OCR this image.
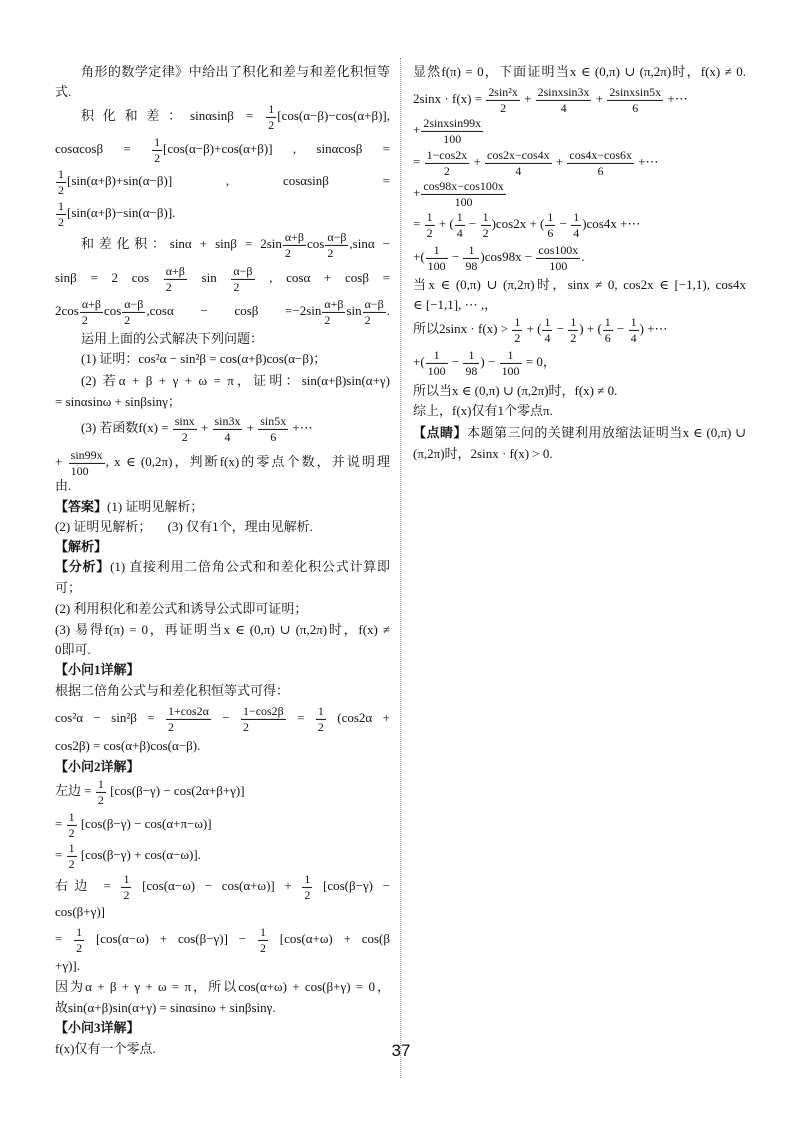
角形的数学定律》中给出了积化和差与和差化积恒等
式.
积化和差：$\sin\alpha\sin\beta = \frac{1}{2} [\cos(\alpha-\beta)-\cos(\alpha+\beta)]$,
$\cos\alpha\cos\beta = \frac{1}{2} [\cos(\alpha-\beta)+\cos(\alpha+\beta)]$ , sinαcosβ =
$\frac{1}{2} [\sin(\alpha+\beta)+\sin(\alpha-\beta)]$ , cosαsinβ =
$\frac{1}{2} [\sin(\alpha+\beta)-\sin(\alpha-\beta)]$.
和差化积：$\sin\alpha + \sin\beta = 2\sin \frac{\alpha+\beta}{2}$ $\cos \frac{\alpha-\beta}{2} ,\sin\alpha$ −
sinβ = 2 $\cos \frac{\alpha+\beta}{2}$ $\sin \frac{\alpha-\beta}{2}$ , cosα + cosβ =
$2\cos \frac{\alpha+\beta}{2}$ $\cos \frac{\alpha-\beta}{2} ,\cos\alpha - \cos\beta =-2\sin \frac{\alpha+\beta}{2}$ $\sin \frac{\alpha-\beta}{2}$ .
运用上面的公式解决下列问题：
(1) 证明：cos²α − sin²β = cos(α+β)cos(α−β)；
(2) 若α + β + γ + ω = π，证明：sin(α+β)sin(α+γ)
= sinαsinω + sinβsinγ；
(3) 若函数$f(x) = \frac{\sin x}{2} + \frac{\sin 3x}{4} + \frac{\sin 5x}{6}$ +⋯
+ $\frac{\sin 99x}{100}$ , x ∈ (0,2π)，判断f(x)的零点个数，并说明理
由.
【答案】(1) 证明见解析；
(2) 证明见解析；     (3) 仅有1个，理由见解析.
【解析】
【分析】(1) 直接利用二倍角公式和和差化积公式计算即
可；
(2) 利用积化和差公式和诱导公式即可证明；
(3) 易得f(π) = 0，再证明当x ∈ (0,π) ∪ (π,2π)时，f(x) ≠
0即可.
【小问1详解】
根据二倍角公式与和差化积恒等式可得：
$\cos^2\alpha - \sin^2\beta = \frac{1+\cos 2\alpha}{2} - \frac{1-\cos 2\beta}{2} = \frac{1}{2} (\cos 2\alpha$ +
cos2β) = cos(α+β)cos(α−β).
【小问2详解】
左边 = $\frac{1}{2} [\cos(\beta-\gamma) - \cos(2\alpha+\beta+\gamma)]$
= $\frac{1}{2} [\cos(\beta-\gamma) - \cos(\alpha+\pi-\omega)]$
= $\frac{1}{2} [\cos(\beta-\gamma) + \cos(\alpha-\omega)]$.
右边 = $\frac{1}{2} [\cos(\alpha-\omega) - \cos(\alpha+\omega)] + \frac{1}{2} [\cos(\beta-\gamma)$ −
cos(β+γ)]
= $\frac{1}{2} [\cos(\alpha-\omega) + \cos(\beta-\gamma)] - \frac{1}{2} [\cos(\alpha+\omega) + \cos(\beta$
+γ)].
因为α + β + γ + ω = π，所以cos(α+ω) + cos(β+γ) = 0，
故sin(α+β)sin(α+γ) = sinαsinω + sinβsinγ.
【小问3详解】
f(x)仅有一个零点.
显然f(π) = 0，下面证明当x ∈ (0,π) ∪ (π,2π)时，f(x) ≠ 0.
$2\sin x \cdot f(x) = \frac{\text{2sin²x}}{2} + \frac{\text{2sinxsin3x}}{4} + \frac{\text{2sinxsin5x}}{6}$ +⋯
+ $\frac{\text{2sinxsin99x}}{100}$
= $\frac{1-\cos 2x}{2} + \frac{\cos 2x-\cos 4x}{4} + \frac{\cos 4x-\cos 6x}{6}$ +⋯
+ $\frac{\cos 98x-\cos 100x}{100}$
= $\frac{1}{2}$ + ( $\frac{1}{4} - \frac{1}{2} )\cos 2x$ + ( $\frac{1}{6} - \frac{1}{4} )\cos 4x$ +⋯
+( $\frac{1}{100} - \frac{1}{98} )\cos 98x - \frac{\cos 100x}{100}$ .
当x ∈ (0,π) ∪ (π,2π)时，sinx ≠ 0, cos2x ∈ [−1,1), cos4x
∈ [−1,1], ⋯ ,，
所以$2\sin x \cdot f(x) > \frac{1}{2}$ + ( $\frac{1}{4} - \frac{1}{2}$ ) + ( $\frac{1}{6} - \frac{1}{4}$ ) +⋯
+( $\frac{1}{100} - \frac{1}{98}$ ) − $\frac{1}{100} = 0$，
所以当x ∈ (0,π) ∪ (π,2π)时，f(x) ≠ 0.
综上，f(x)仅有1个零点π.
【点睛】本题第三问的关键利用放缩法证明当x ∈ (0,π) ∪
(π,2π)时，2sinx · f(x) > 0.
37
